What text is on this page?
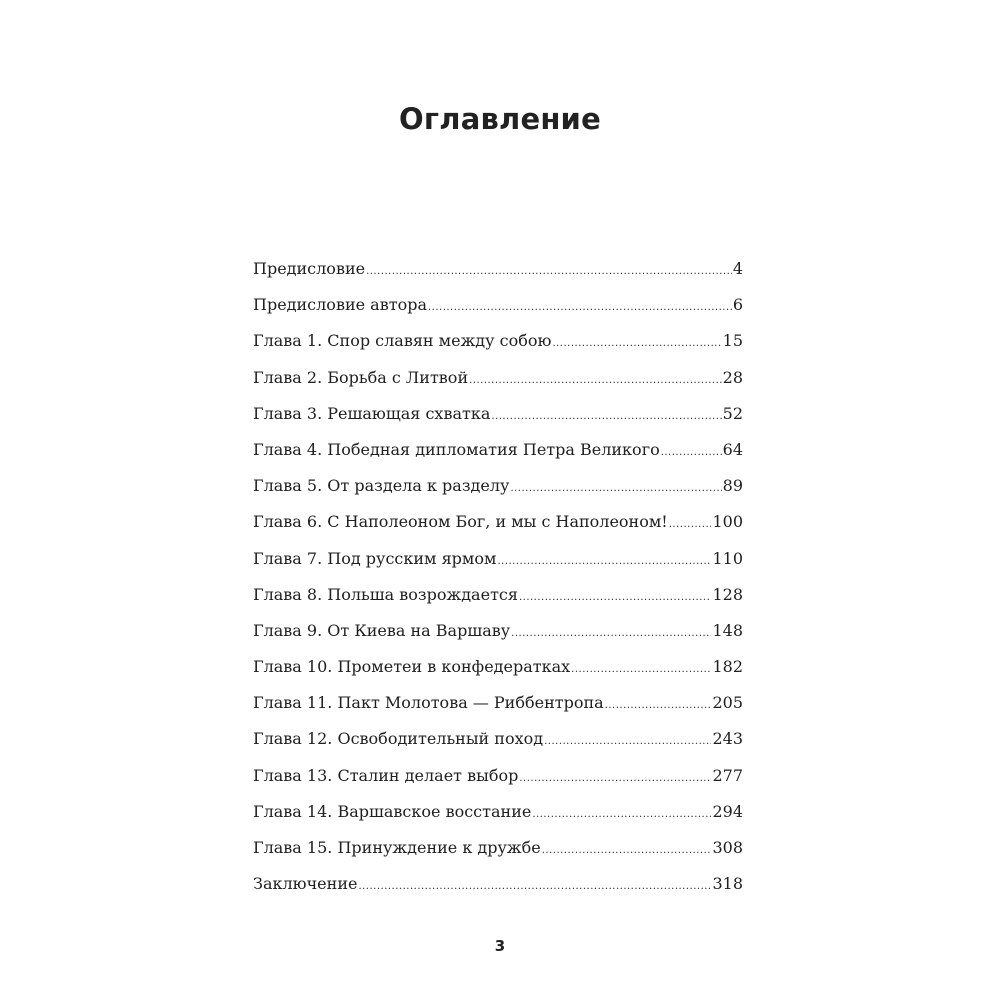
Оглавление
Предисловие .....	4
Предисловие автора .....	6
Глава 1. Спор славян между собою .....	15
Глава 2. Борьба с Литвой .....	28
Глава 3. Решающая схватка .....	52
Глава 4. Победная дипломатия Петра Великого .....	64
Глава 5. От раздела к разделу .....	89
Глава 6. С Наполеоном Бог, и мы с Наполеоном! .....	100
Глава 7. Под русским ярмом .....	110
Глава 8. Польша возрождается .....	128
Глава 9. От Киева на Варшаву .....	148
Глава 10. Прометеи в конфедератках .....	182
Глава 11. Пакт Молотова — Риббентропа .....	205
Глава 12. Освободительный поход .....	243
Глава 13. Сталин делает выбор .....	277
Глава 14. Варшавское восстание .....	294
Глава 15. Принуждение к дружбе .....	308
Заключение .....	318
3
